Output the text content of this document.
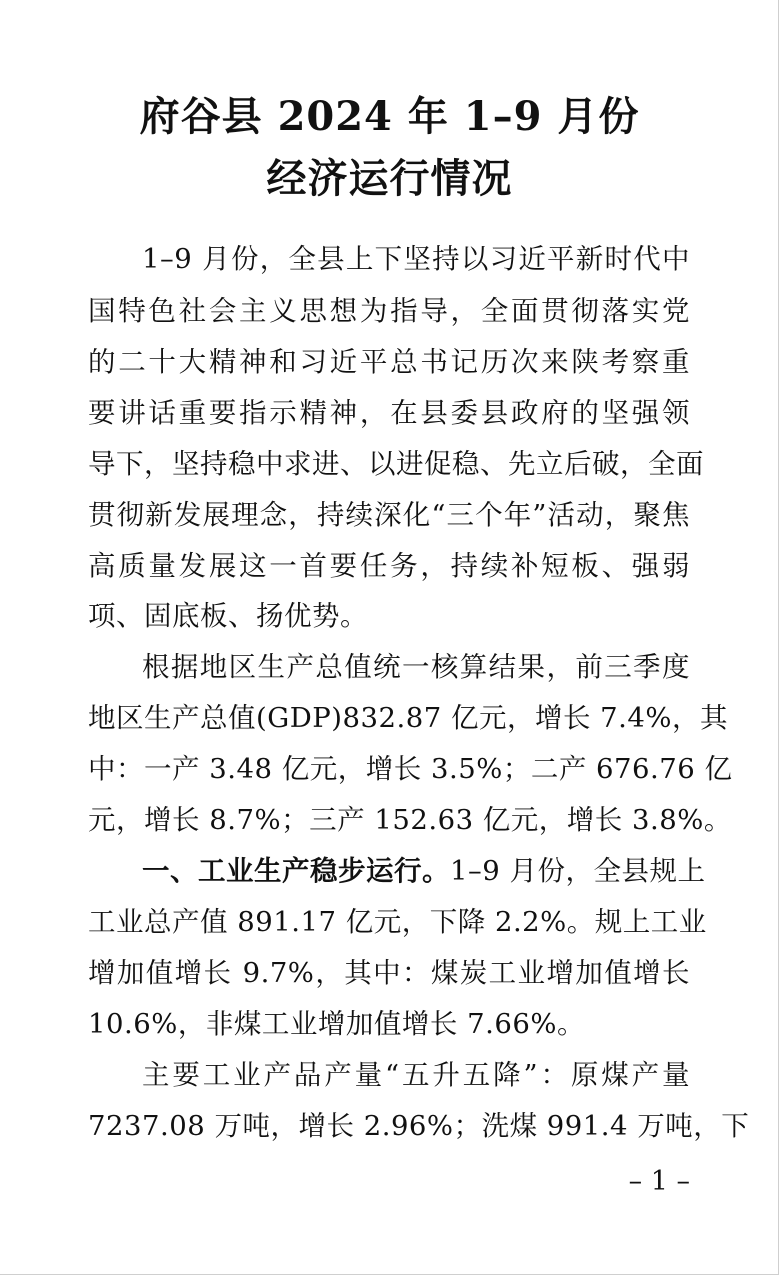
府谷县 2024 年 1–9 月份
经济运行情况
1–9 月份，全县上下坚持以习近平新时代中
国特色社会主义思想为指导，全面贯彻落实党
的二十大精神和习近平总书记历次来陕考察重
要讲话重要指示精神，在县委县政府的坚强领
导下，坚持稳中求进、以进促稳、先立后破，全面
贯彻新发展理念，持续深化“三个年”活动，聚焦
高质量发展这一首要任务，持续补短板、强弱
项、固底板、扬优势。
根据地区生产总值统一核算结果，前三季度
地区生产总值(GDP)832.87 亿元，增长 7.4%，其
中：一产 3.48 亿元，增长 3.5%；二产 676.76 亿
元，增长 8.7%；三产 152.63 亿元，增长 3.8%。
一、工业生产稳步运行。 1–9 月份，全县规上
工业总产值 891.17 亿元，下降 2.2%。规上工业
增加值增长 9.7%，其中：煤炭工业增加值增长
10.6%，非煤工业增加值增长 7.66%。
主要工业产品产量“五升五降”：原煤产量
7237.08 万吨，增长 2.96%；洗煤 991.4 万吨，下
– 1 –
